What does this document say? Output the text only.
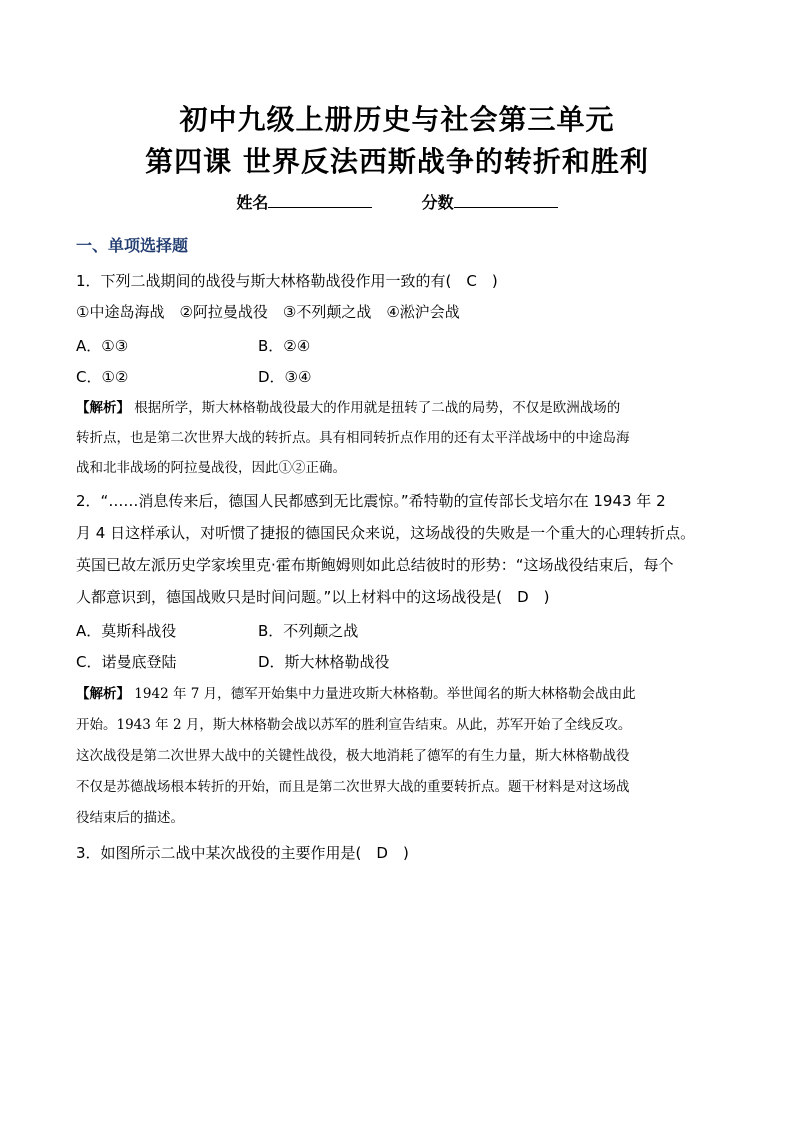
初中九级上册历史与社会第三单元
第四课 世界反法西斯战争的转折和胜利
姓名	分数
一、单项选择题
1．下列二战期间的战役与斯大林格勒战役作用一致的有(　C　)
①中途岛海战　②阿拉曼战役　③不列颠之战　④淞沪会战
A．①③	B．②④
C．①②	D．③④
【解析】 根据所学，斯大林格勒战役最大的作用就是扭转了二战的局势，不仅是欧洲战场的
转折点，也是第二次世界大战的转折点。具有相同转折点作用的还有太平洋战场中的中途岛海
战和北非战场的阿拉曼战役，因此①②正确。
2．“……消息传来后，德国人民都感到无比震惊。”希特勒的宣传部长戈培尔在 1943 年 2
月 4 日这样承认，对听惯了捷报的德国民众来说，这场战役的失败是一个重大的心理转折点。
英国已故左派历史学家埃里克·霍布斯鲍姆则如此总结彼时的形势：“这场战役结束后，每个
人都意识到，德国战败只是时间问题。”以上材料中的这场战役是(　D　)
A．莫斯科战役	B．不列颠之战
C．诺曼底登陆	D．斯大林格勒战役
【解析】 1942 年 7 月，德军开始集中力量进攻斯大林格勒。举世闻名的斯大林格勒会战由此
开始。1943 年 2 月，斯大林格勒会战以苏军的胜利宣告结束。从此，苏军开始了全线反攻。
这次战役是第二次世界大战中的关键性战役，极大地消耗了德军的有生力量，斯大林格勒战役
不仅是苏德战场根本转折的开始，而且是第二次世界大战的重要转折点。题干材料是对这场战
役结束后的描述。
3．如图所示二战中某次战役的主要作用是(　D　)
